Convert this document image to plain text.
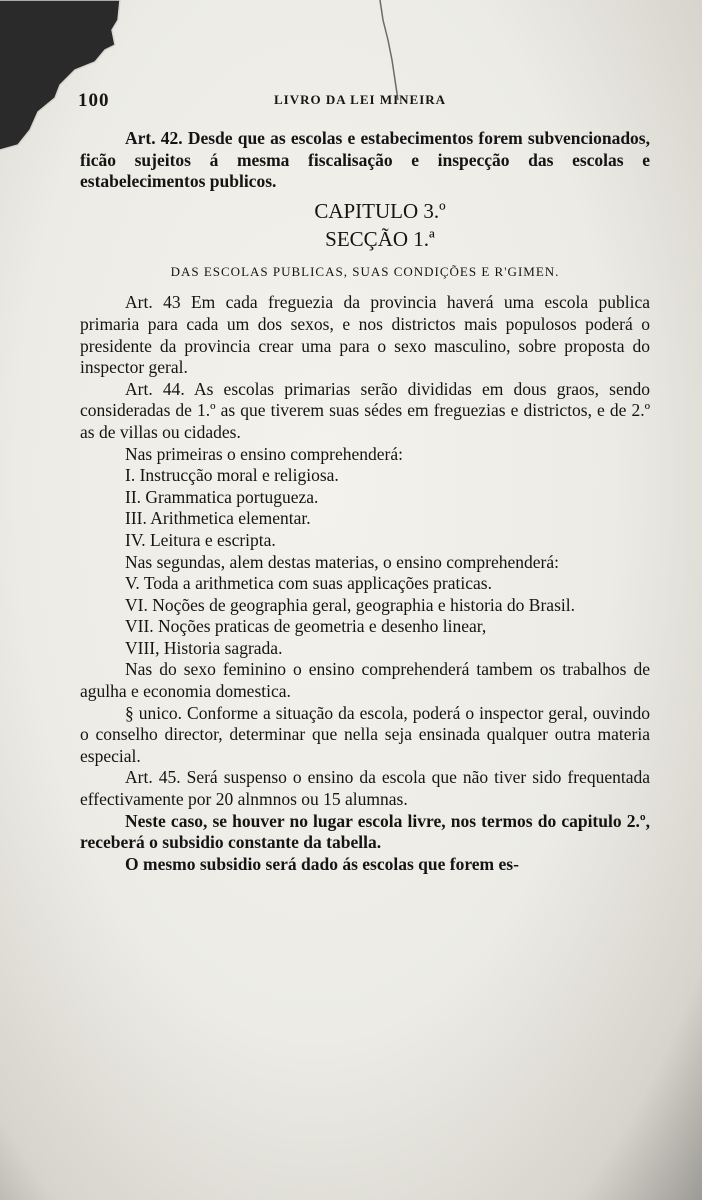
100	LIVRO DA LEI MINEIRA

Art. 42. Desde que as escolas e estabecimentos forem subvencionados, ficão sujeitos á mesma fiscalisação e inspecção das escolas e estabelecimentos publicos.

CAPITULO 3.º

SECÇÃO 1.ª

DAS ESCOLAS PUBLICAS, SUAS CONDIÇÕES E R'GIMEN.

Art. 43 Em cada freguezia da provincia haverá uma escola publica primaria para cada um dos sexos, e nos districtos mais populosos poderá o presidente da provincia crear uma para o sexo masculino, sobre proposta do inspector geral.

Art. 44. As escolas primarias serão divididas em dous graos, sendo consideradas de 1.º as que tiverem suas sédes em freguezias e districtos, e de 2.º as de villas ou cidades.

Nas primeiras o ensino comprehenderá:

I. Instrucção moral e religiosa.

II. Grammatica portugueza.

III. Arithmetica elementar.

IV. Leitura e escripta.

Nas segundas, alem destas materias, o ensino comprehenderá:

V. Toda a arithmetica com suas applicações praticas.

VI. Noções de geographia geral, geographia e historia do Brasil.

VII. Noções praticas de geometria e desenho linear,

VIII, Historia sagrada.

Nas do sexo feminino o ensino comprehenderá tambem os trabalhos de agulha e economia domestica.

§ unico. Conforme a situação da escola, poderá o inspector geral, ouvindo o conselho director, determinar que nella seja ensinada qualquer outra materia especial.

Art. 45. Será suspenso o ensino da escola que não tiver sido frequentada effectivamente por 20 alnmnos ou 15 alumnas.

Neste caso, se houver no lugar escola livre, nos termos do capitulo 2.º, receberá o subsidio constante da tabella.

O mesmo subsidio será dado ás escolas que forem es-
